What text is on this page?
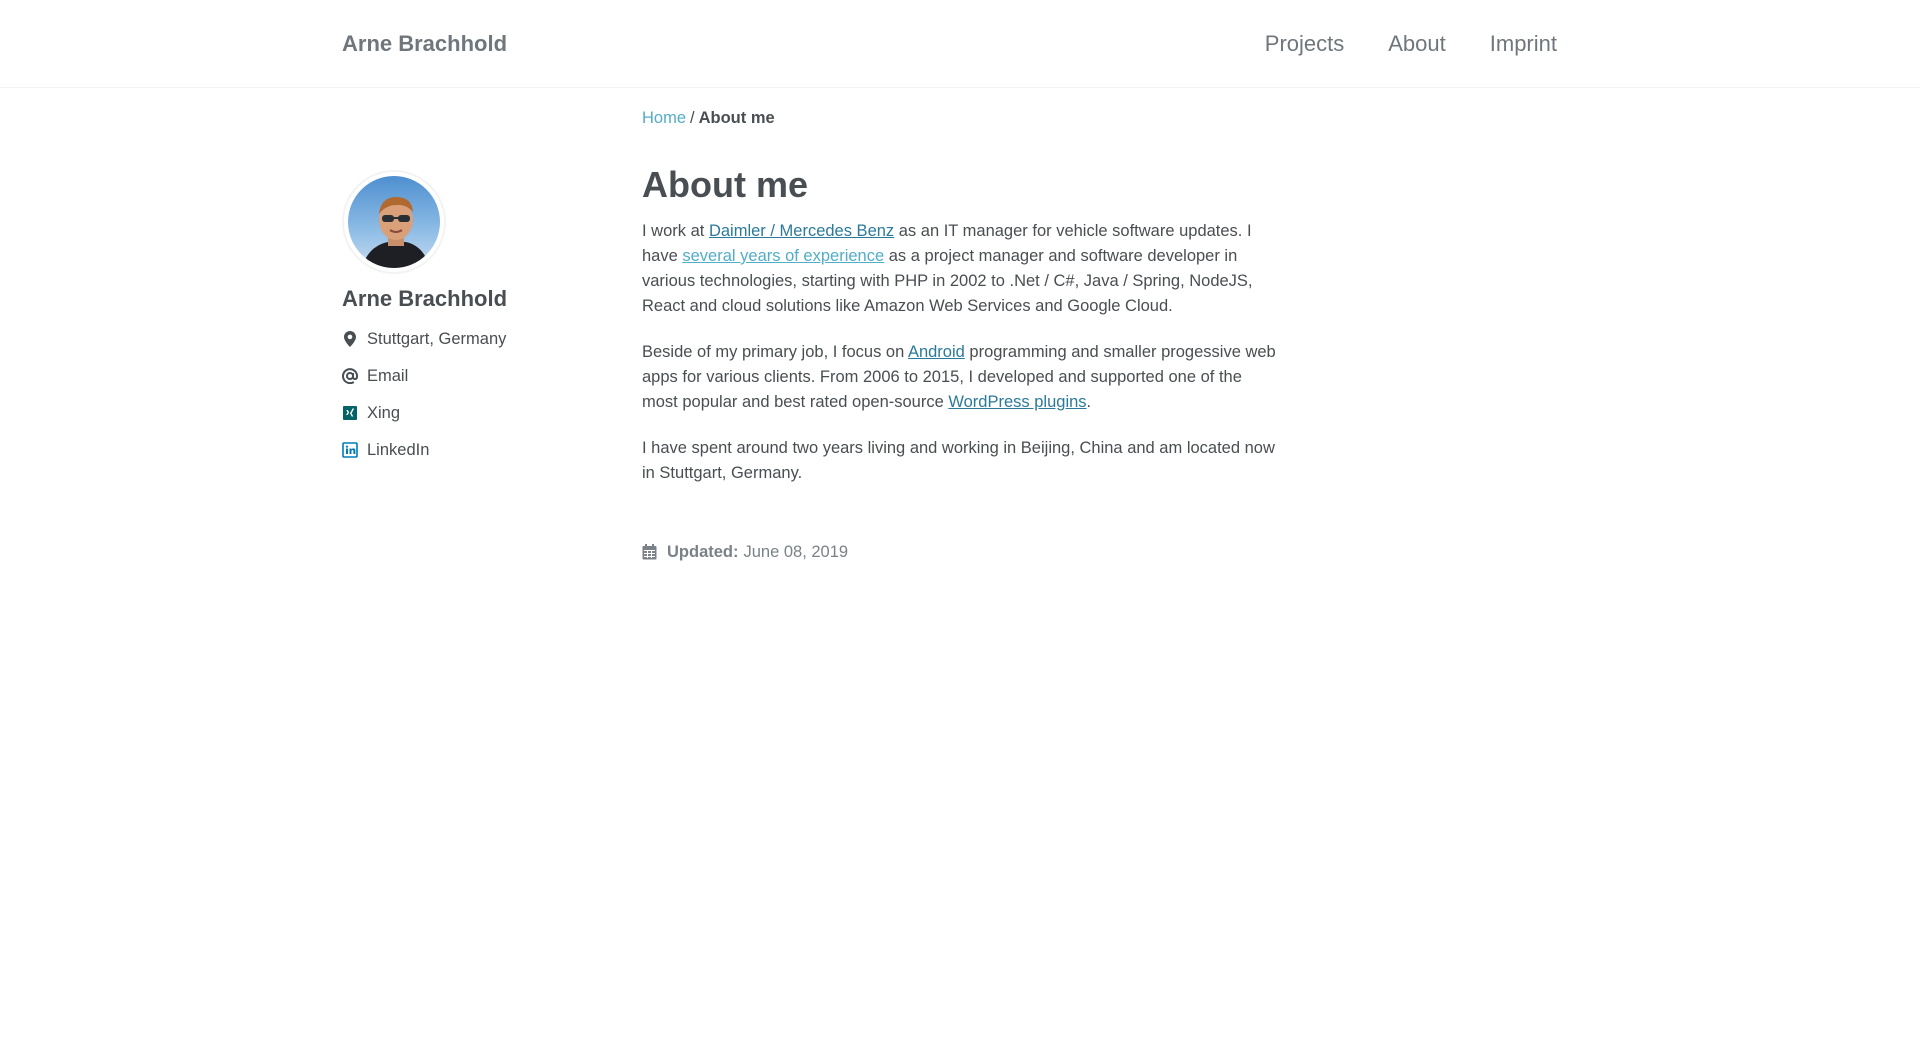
Arne Brachhold	Projects About Imprint
Home / About me
Arne Brachhold
Stuttgart, Germany
Email
Xing
LinkedIn
About me

I work at Daimler / Mercedes Benz as an IT manager for vehicle software updates. I have several years of experience as a project manager and software developer in various technologies, starting with PHP in 2002 to .Net / C#, Java / Spring, NodeJS, React and cloud solutions like Amazon Web Services and Google Cloud.

Beside of my primary job, I focus on Android programming and smaller progessive web apps for various clients. From 2006 to 2015, I developed and supported one of the most popular and best rated open-source WordPress plugins.

I have spent around two years living and working in Beijing, China and am located now in Stuttgart, Germany.

Updated: June 08, 2019
